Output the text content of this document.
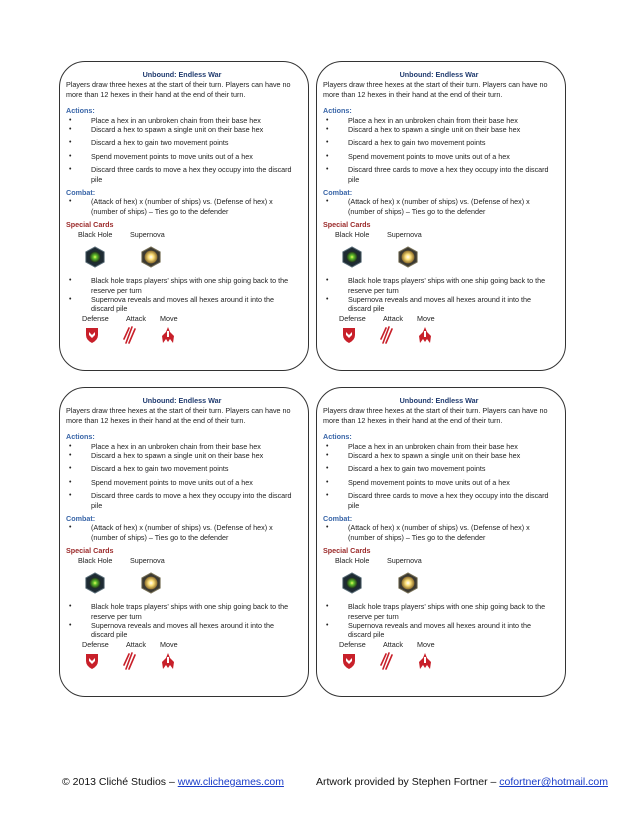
Unbound: Endless War
Players draw three hexes at the start of their turn. Players can have no more than 12 hexes in their hand at the end of their turn.
Actions:
•	Place a hex in an unbroken chain from their base hex
•	Discard a hex to spawn a single unit on their base hex
•	Discard a hex to gain two movement points
•	Spend movement points to move units out of a hex
•	Discard three cards to move a hex they occupy into the discard pile
Combat:
•	(Attack of hex) x (number of ships) vs. (Defense of hex) x (number of ships) – Ties go to the defender
Special Cards
Black Hole	Supernova
•	Black hole traps players’ ships with one ship going back to the reserve per turn
•	Supernova reveals and moves all hexes around it into the discard pile
Defense	Attack	Move
Unbound: Endless War
Players draw three hexes at the start of their turn. Players can have no more than 12 hexes in their hand at the end of their turn.
Actions:
•	Place a hex in an unbroken chain from their base hex
•	Discard a hex to spawn a single unit on their base hex
•	Discard a hex to gain two movement points
•	Spend movement points to move units out of a hex
•	Discard three cards to move a hex they occupy into the discard pile
Combat:
•	(Attack of hex) x (number of ships) vs. (Defense of hex) x (number of ships) – Ties go to the defender
Special Cards
Black Hole	Supernova
•	Black hole traps players’ ships with one ship going back to the reserve per turn
•	Supernova reveals and moves all hexes around it into the discard pile
Defense	Attack	Move
Unbound: Endless War
Players draw three hexes at the start of their turn. Players can have no more than 12 hexes in their hand at the end of their turn.
Actions:
•	Place a hex in an unbroken chain from their base hex
•	Discard a hex to spawn a single unit on their base hex
•	Discard a hex to gain two movement points
•	Spend movement points to move units out of a hex
•	Discard three cards to move a hex they occupy into the discard pile
Combat:
•	(Attack of hex) x (number of ships) vs. (Defense of hex) x (number of ships) – Ties go to the defender
Special Cards
Black Hole	Supernova
•	Black hole traps players’ ships with one ship going back to the reserve per turn
•	Supernova reveals and moves all hexes around it into the discard pile
Defense	Attack	Move
Unbound: Endless War
Players draw three hexes at the start of their turn. Players can have no more than 12 hexes in their hand at the end of their turn.
Actions:
•	Place a hex in an unbroken chain from their base hex
•	Discard a hex to spawn a single unit on their base hex
•	Discard a hex to gain two movement points
•	Spend movement points to move units out of a hex
•	Discard three cards to move a hex they occupy into the discard pile
Combat:
•	(Attack of hex) x (number of ships) vs. (Defense of hex) x (number of ships) – Ties go to the defender
Special Cards
Black Hole	Supernova
•	Black hole traps players’ ships with one ship going back to the reserve per turn
•	Supernova reveals and moves all hexes around it into the discard pile
Defense	Attack	Move
© 2013 Cliché Studios – www.clichegames.com	Artwork provided by Stephen Fortner – cofortner@hotmail.com
